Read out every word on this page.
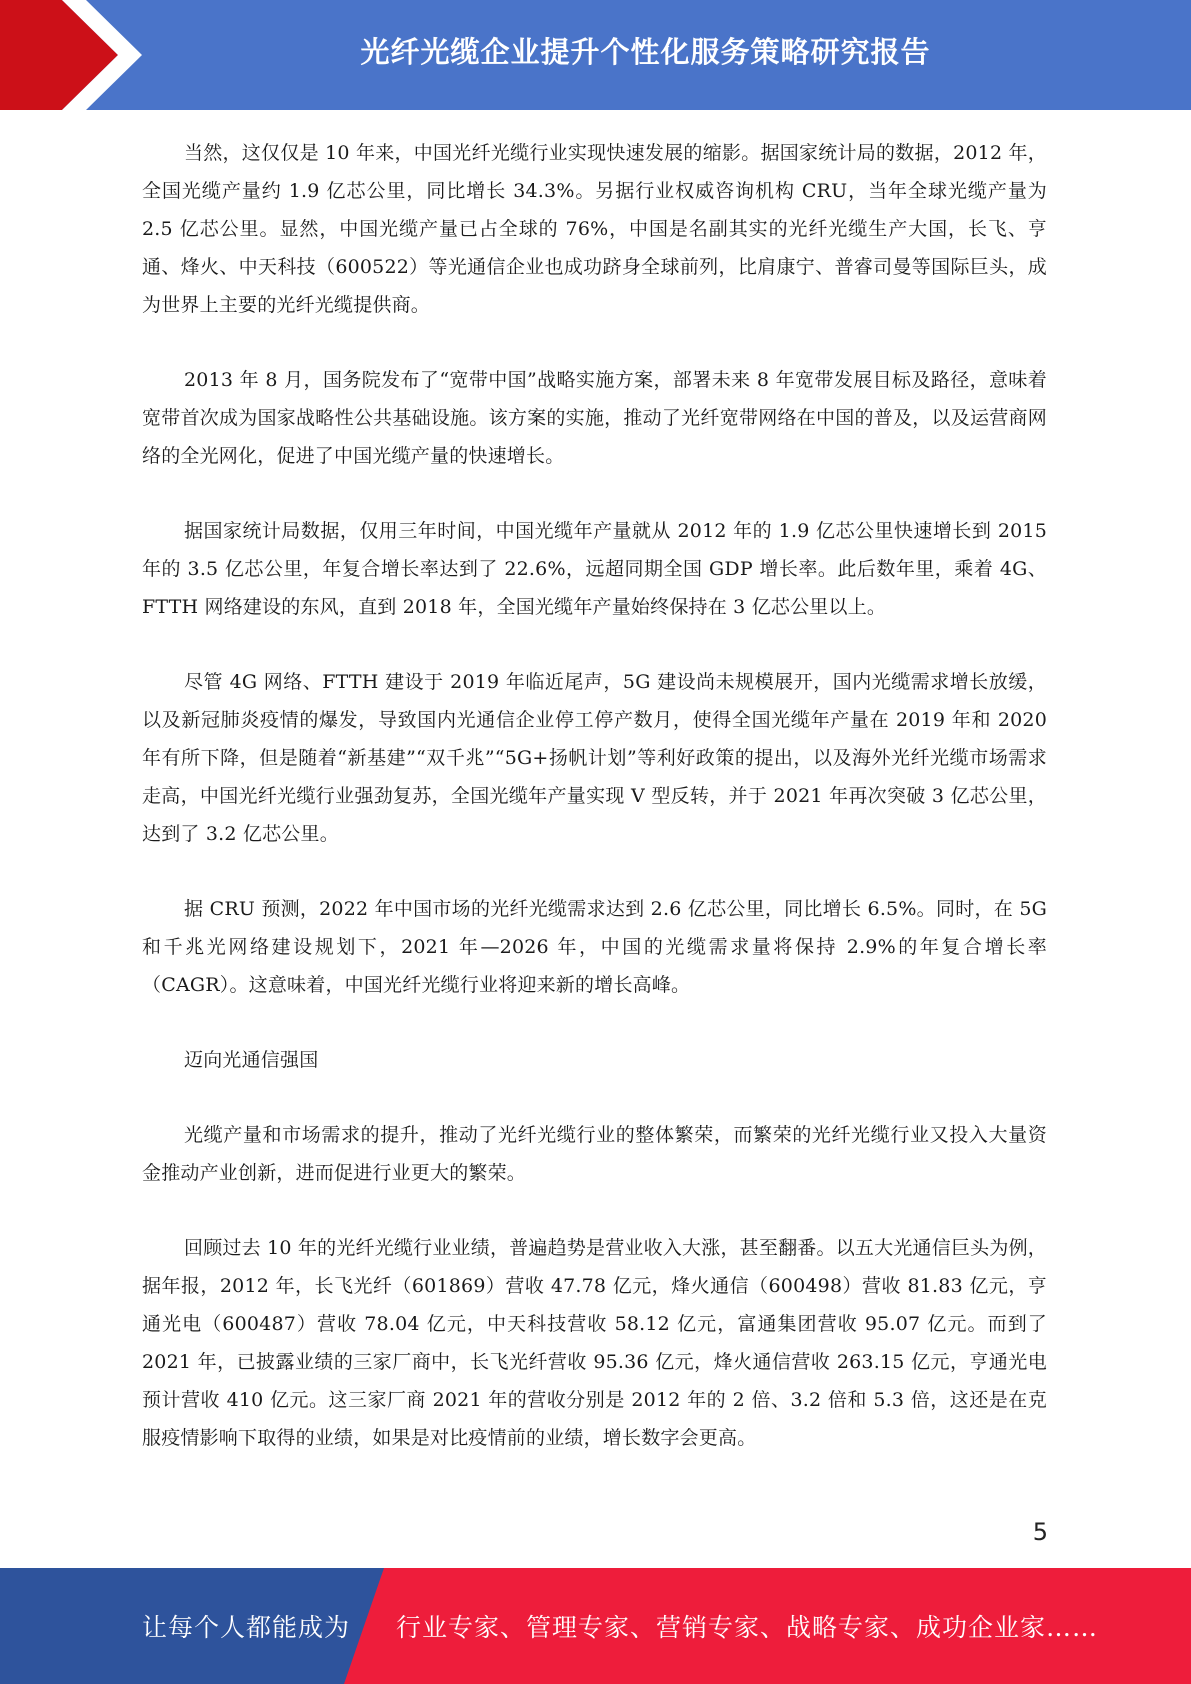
光纤光缆企业提升个性化服务策略研究报告

当然，这仅仅是 10 年来，中国光纤光缆行业实现快速发展的缩影。据国家统计局的数据，2012 年，全国光缆产量约 1.9 亿芯公里，同比增长 34.3%。另据行业权威咨询机构 CRU，当年全球光缆产量为 2.5 亿芯公里。显然，中国光缆产量已占全球的 76%，中国是名副其实的光纤光缆生产大国，长飞、亨通、烽火、中天科技（600522）等光通信企业也成功跻身全球前列，比肩康宁、普睿司曼等国际巨头，成为世界上主要的光纤光缆提供商。

2013 年 8 月，国务院发布了“宽带中国”战略实施方案，部署未来 8 年宽带发展目标及路径，意味着宽带首次成为国家战略性公共基础设施。该方案的实施，推动了光纤宽带网络在中国的普及，以及运营商网络的全光网化，促进了中国光缆产量的快速增长。

据国家统计局数据，仅用三年时间，中国光缆年产量就从 2012 年的 1.9 亿芯公里快速增长到 2015 年的 3.5 亿芯公里，年复合增长率达到了 22.6%，远超同期全国 GDP 增长率。此后数年里，乘着 4G、FTTH 网络建设的东风，直到 2018 年，全国光缆年产量始终保持在 3 亿芯公里以上。

尽管 4G 网络、FTTH 建设于 2019 年临近尾声，5G 建设尚未规模展开，国内光缆需求增长放缓，以及新冠肺炎疫情的爆发，导致国内光通信企业停工停产数月，使得全国光缆年产量在 2019 年和 2020 年有所下降，但是随着“新基建”“双千兆”“5G+扬帆计划”等利好政策的提出，以及海外光纤光缆市场需求走高，中国光纤光缆行业强劲复苏，全国光缆年产量实现 V 型反转，并于 2021 年再次突破 3 亿芯公里，达到了 3.2 亿芯公里。

据 CRU 预测，2022 年中国市场的光纤光缆需求达到 2.6 亿芯公里，同比增长 6.5%。同时，在 5G 和千兆光网络建设规划下，2021 年—2026 年，中国的光缆需求量将保持 2.9%的年复合增长率（CAGR）。这意味着，中国光纤光缆行业将迎来新的增长高峰。

迈向光通信强国

光缆产量和市场需求的提升，推动了光纤光缆行业的整体繁荣，而繁荣的光纤光缆行业又投入大量资金推动产业创新，进而促进行业更大的繁荣。

回顾过去 10 年的光纤光缆行业业绩，普遍趋势是营业收入大涨，甚至翻番。以五大光通信巨头为例，据年报，2012 年，长飞光纤（601869）营收 47.78 亿元，烽火通信（600498）营收 81.83 亿元，亨通光电（600487）营收 78.04 亿元，中天科技营收 58.12 亿元，富通集团营收 95.07 亿元。而到了 2021 年，已披露业绩的三家厂商中，长飞光纤营收 95.36 亿元，烽火通信营收 263.15 亿元，亨通光电预计营收 410 亿元。这三家厂商 2021 年的营收分别是 2012 年的 2 倍、3.2 倍和 5.3 倍，这还是在克服疫情影响下取得的业绩，如果是对比疫情前的业绩，增长数字会更高。

5
让每个人都能成为 行业专家、管理专家、营销专家、战略专家、成功企业家……
